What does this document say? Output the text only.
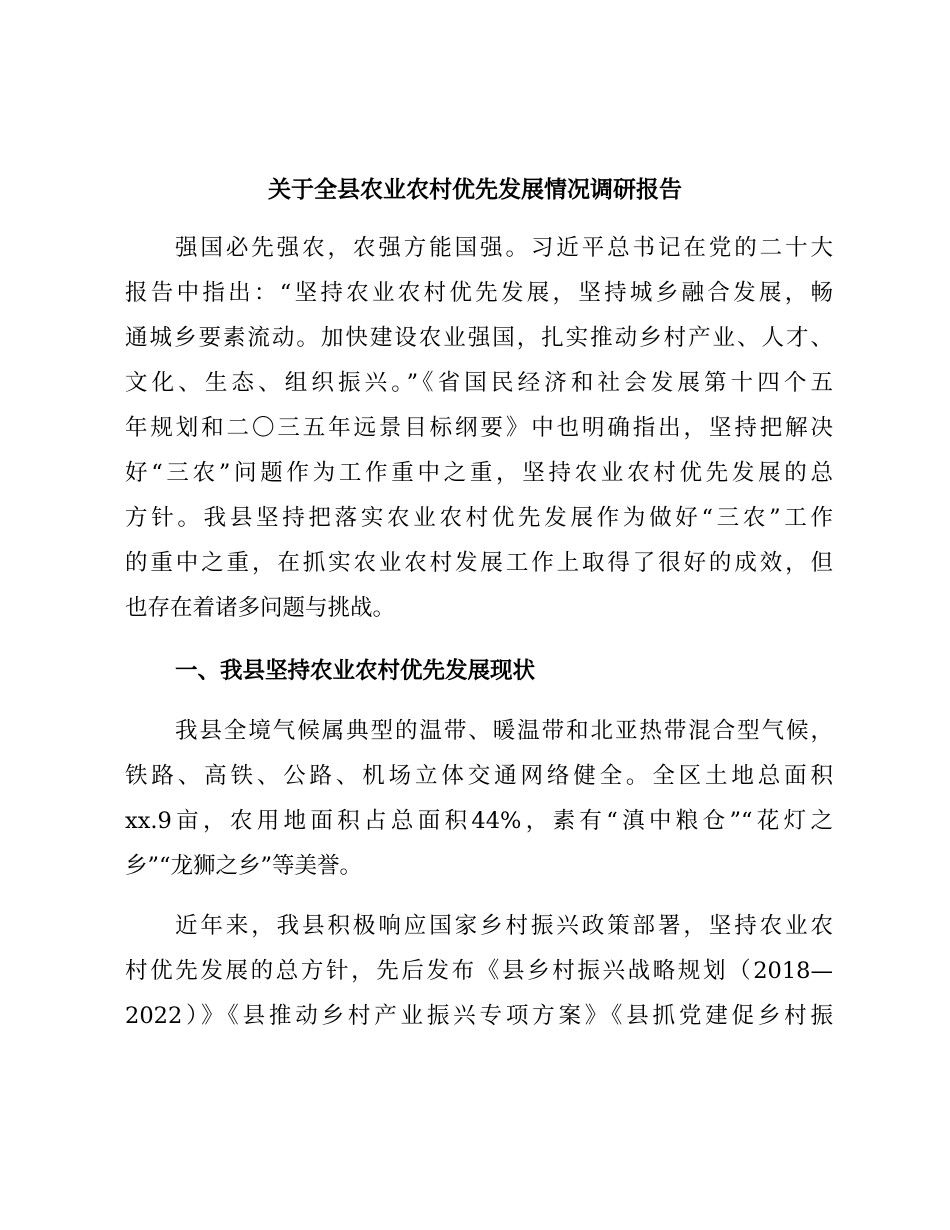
关于全县农业农村优先发展情况调研报告
强国必先强农，农强方能国强。习近平总书记在党的二十大
报告中指出：“坚持农业农村优先发展，坚持城乡融合发展，畅
通城乡要素流动。加快建设农业强国，扎实推动乡村产业、人才、
文化、生态、组织振兴。”《省国民经济和社会发展第十四个五
年规划和二〇三五年远景目标纲要》中也明确指出，坚持把解决
好“三农”问题作为工作重中之重，坚持农业农村优先发展的总
方针。我县坚持把落实农业农村优先发展作为做好“三农”工作
的重中之重，在抓实农业农村发展工作上取得了很好的成效，但
也存在着诸多问题与挑战。
一、我县坚持农业农村优先发展现状
我县全境气候属典型的温带、暖温带和北亚热带混合型气候，
铁路、高铁、公路、机场立体交通网络健全。全区土地总面积
xx.9亩，农用地面积占总面积44%，素有“滇中粮仓”“花灯之
乡”“龙狮之乡”等美誉。
近年来，我县积极响应国家乡村振兴政策部署，坚持农业农
村优先发展的总方针，先后发布《县乡村振兴战略规划（2018—
2022）》《县推动乡村产业振兴专项方案》《县抓党建促乡村振
